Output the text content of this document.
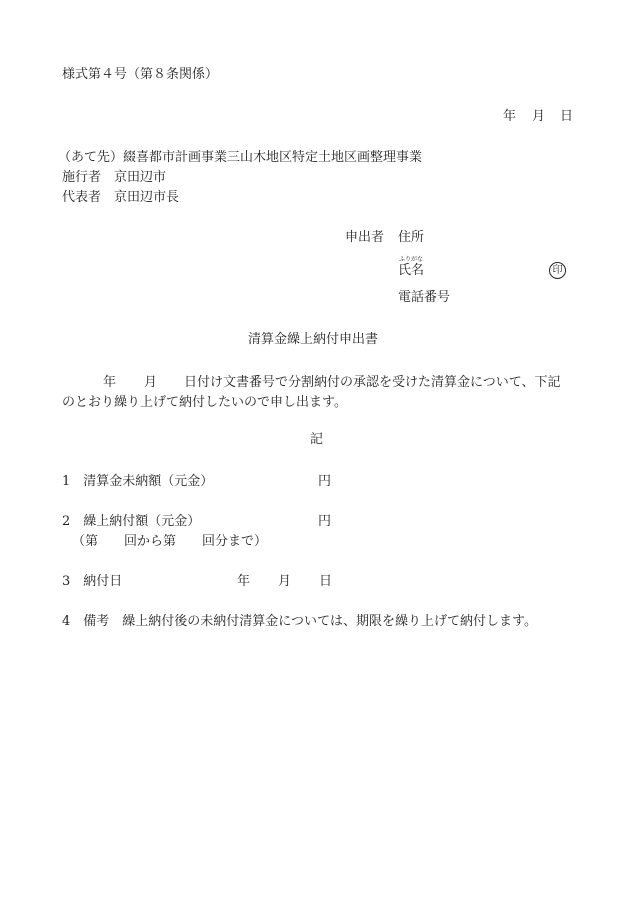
様式第４号（第８条関係）
年 月 日
（あて先）綴喜都市計画事業三山木地区特定土地区画整理事業
施行者　京田辺市
代表者　京田辺市長
申出者 住所
ふりがな
氏名	印
電話番号
清算金繰上納付申出書
年 月 日付け文書番号で分割納付の承認を受けた清算金について、下記
のとおり繰り上げて納付したいので申し出ます。
記
1　清算金未納額（元金）	円
2　繰上納付額（元金）	円
（第　　回から第　　回分まで）
3　納付日	年 月 日
4　備考　繰上納付後の未納付清算金については、期限を繰り上げて納付します。
